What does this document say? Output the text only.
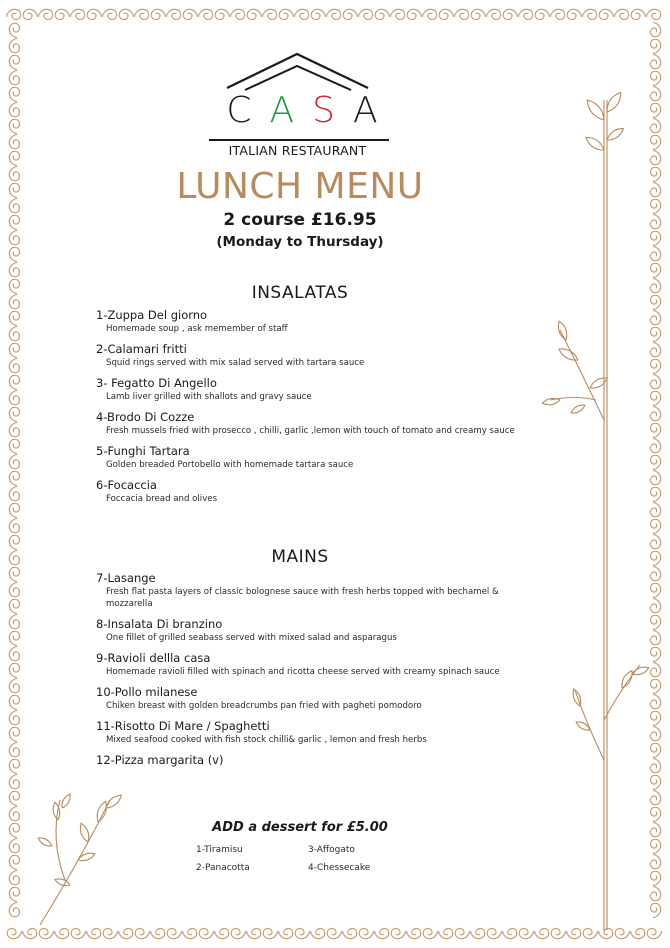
C A S A
ITALIAN RESTAURANT
LUNCH MENU
2 course £16.95
(Monday to Thursday)
INSALATAS
1-Zuppa Del giorno
Homemade soup , ask memember of staff
2-Calamari fritti
Squid rings served with mix salad served with tartara sauce
3- Fegatto Di Angello
Lamb liver grilled with shallots and gravy sauce
4-Brodo Di Cozze
Fresh mussels fried with prosecco , chilli, garlic ,lemon with touch of tomato and creamy sauce
5-Funghi Tartara
Golden breaded Portobello with homemade tartara sauce
6-Focaccia
Foccacia bread and olives
MAINS
7-Lasange
Fresh flat pasta layers of classic bolognese sauce with fresh herbs topped with bechamel & mozzarella
8-Insalata Di branzino
One fillet of grilled seabass served with mixed salad and asparagus
9-Ravioli dellla casa
Homemade ravioli filled with spinach and ricotta cheese served with creamy spinach sauce
10-Pollo milanese
Chiken breast with golden breadcrumbs pan fried with pagheti pomodoro
11-Risotto Di Mare / Spaghetti
Mixed seafood cooked with fish stock chilli& garlic , lemon and fresh herbs
12-Pizza margarita (v)
ADD a dessert for £5.00
1-Tiramisu	3-Affogato
2-Panacotta	4-Chessecake
